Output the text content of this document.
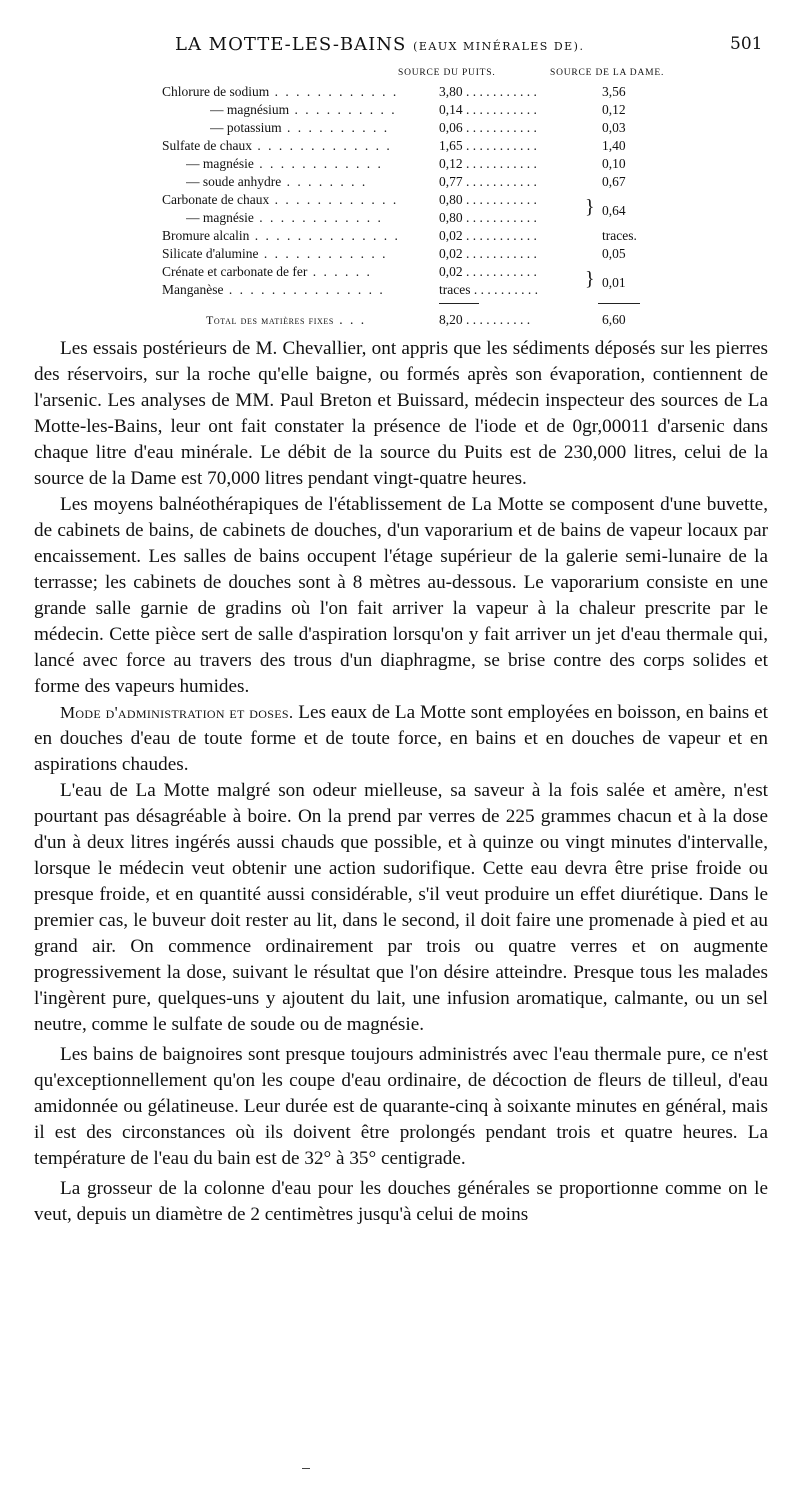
LA MOTTE-LES-BAINS (EAUX MINÉRALES DE).	501
SOURCE DU PUITS.	SOURCE DE LA DAME.
Chlorure de sodium . . . . . . . . . . . .	3,80 . . . . . . . . . . .	3,56
— magnésium . . . . . . . . . .	0,14 . . . . . . . . . . .	0,12
— potassium . . . . . . . . . .	0,06 . . . . . . . . . . .	0,03
Sulfate de chaux . . . . . . . . . . . . .	1,65 . . . . . . . . . . .	1,40
— magnésie . . . . . . . . . . . .	0,12 . . . . . . . . . . .	0,10
— soude anhydre . . . . . . . .	0,77 . . . . . . . . . . .	0,67
Carbonate de chaux . . . . . . . . . . . .	0,80 . . . . . . . . . . .
— magnésie . . . . . . . . . . . .	0,80 . . . . . . . . . . .	} 0,64
Bromure alcalin . . . . . . . . . . . . . .	0,02 . . . . . . . . . . .	traces.
Silicate d'alumine . . . . . . . . . . . .	0,02 . . . . . . . . . . .	0,05
Crénate et carbonate de fer . . . . . .	0,02 . . . . . . . . . . .
Manganèse . . . . . . . . . . . . . . .	traces . . . . . . . . . .	} 0,01
Total des matières fixes . . .	8,20 . . . . . . . . . .	6,60

Les essais postérieurs de M. Chevallier, ont appris que les sédiments déposés sur les pierres des réservoirs, sur la roche qu'elle baigne, ou formés après son évaporation, contiennent de l'arsenic. Les analyses de MM. Paul Breton et Buissard, médecin inspecteur des sources de La Motte-les-Bains, leur ont fait constater la présence de l'iode et de 0gr,00011 d'arsenic dans chaque litre d'eau minérale. Le débit de la source du Puits est de 230,000 litres, celui de la source de la Dame est 70,000 litres pendant vingt-quatre heures.

Les moyens balnéothérapiques de l'établissement de La Motte se composent d'une buvette, de cabinets de bains, de cabinets de douches, d'un vaporarium et de bains de vapeur locaux par encaissement. Les salles de bains occupent l'étage supérieur de la galerie semi-lunaire de la terrasse; les cabinets de douches sont à 8 mètres au-dessous. Le vaporarium consiste en une grande salle garnie de gradins où l'on fait arriver la vapeur à la chaleur prescrite par le médecin. Cette pièce sert de salle d'aspiration lorsqu'on y fait arriver un jet d'eau thermale qui, lancé avec force au travers des trous d'un diaphragme, se brise contre des corps solides et forme des vapeurs humides.

Mode d'administration et doses. Les eaux de La Motte sont employées en boisson, en bains et en douches d'eau de toute forme et de toute force, en bains et en douches de vapeur et en aspirations chaudes.

L'eau de La Motte malgré son odeur mielleuse, sa saveur à la fois salée et amère, n'est pourtant pas désagréable à boire. On la prend par verres de 225 grammes chacun et à la dose d'un à deux litres ingérés aussi chauds que possible, et à quinze ou vingt minutes d'intervalle, lorsque le médecin veut obtenir une action sudorifique. Cette eau devra être prise froide ou presque froide, et en quantité aussi considérable, s'il veut produire un effet diurétique. Dans le premier cas, le buveur doit rester au lit, dans le second, il doit faire une promenade à pied et au grand air. On commence ordinairement par trois ou quatre verres et on augmente progressivement la dose, suivant le résultat que l'on désire atteindre. Presque tous les malades l'ingèrent pure, quelques-uns y ajoutent du lait, une infusion aromatique, calmante, ou un sel neutre, comme le sulfate de soude ou de magnésie.

Les bains de baignoires sont presque toujours administrés avec l'eau thermale pure, ce n'est qu'exceptionnellement qu'on les coupe d'eau ordinaire, de décoction de fleurs de tilleul, d'eau amidonnée ou gélatineuse. Leur durée est de quarante-cinq à soixante minutes en général, mais il est des circonstances où ils doivent être prolongés pendant trois et quatre heures. La température de l'eau du bain est de 32° à 35° centigrade.

La grosseur de la colonne d'eau pour les douches générales se proportionne comme on le veut, depuis un diamètre de 2 centimètres jusqu'à celui de moins
